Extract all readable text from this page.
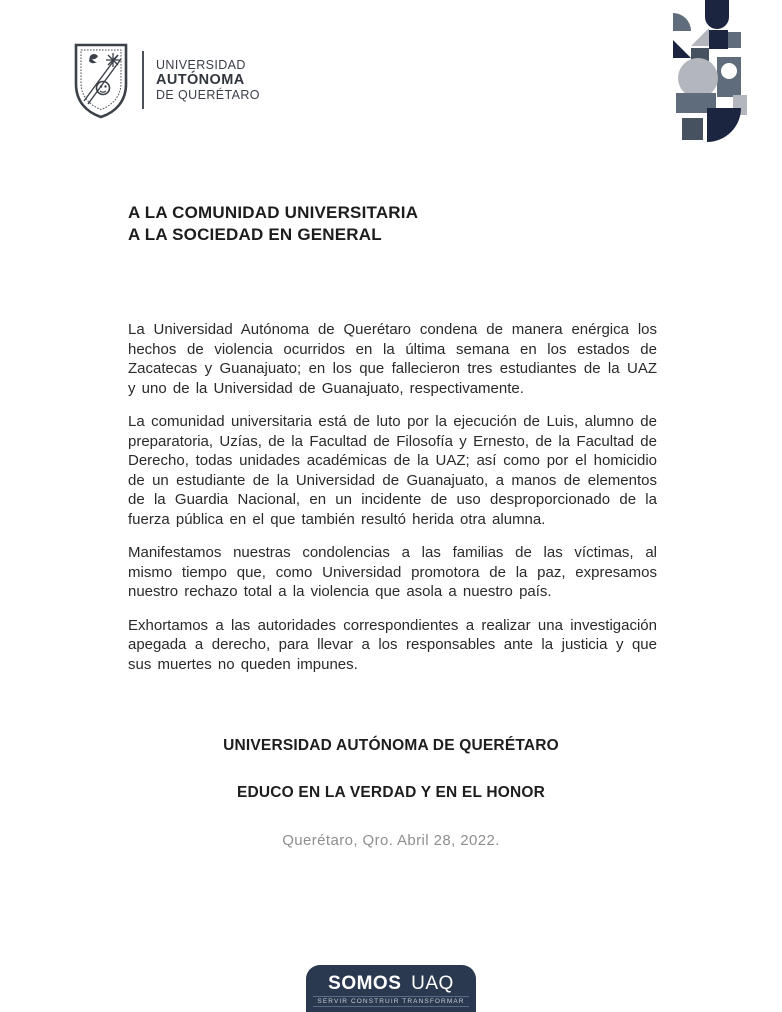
UNIVERSIDAD
AUTÓNOMA
DE QUERÉTARO
A LA COMUNIDAD UNIVERSITARIA
A LA SOCIEDAD EN GENERAL

La Universidad Autónoma de Querétaro condena de manera enérgica los hechos de violencia ocurridos en la última semana en los estados de Zacatecas y Guanajuato; en los que fallecieron tres estudiantes de la UAZ y uno de la Universidad de Guanajuato, respectivamente.

La comunidad universitaria está de luto por la ejecución de Luis, alumno de preparatoria, Uzías, de la Facultad de Filosofía y Ernesto, de la Facultad de Derecho, todas unidades académicas de la UAZ; así como por el homicidio de un estudiante de la Universidad de Guanajuato, a manos de elementos de la Guardia Nacional, en un incidente de uso desproporcionado de la fuerza pública en el que también resultó herida otra alumna.

Manifestamos nuestras condolencias a las familias de las víctimas, al mismo tiempo que, como Universidad promotora de la paz, expresamos nuestro rechazo total a la violencia que asola a nuestro país.

Exhortamos a las autoridades correspondientes a realizar una investigación apegada a derecho, para llevar a los responsables ante la justicia y que sus muertes no queden impunes.

UNIVERSIDAD AUTÓNOMA DE QUERÉTARO
EDUCO EN LA VERDAD Y EN EL HONOR
Querétaro, Qro. Abril 28, 2022.
SOMOS UAQ
SERVIR CONSTRUIR TRANSFORMAR
